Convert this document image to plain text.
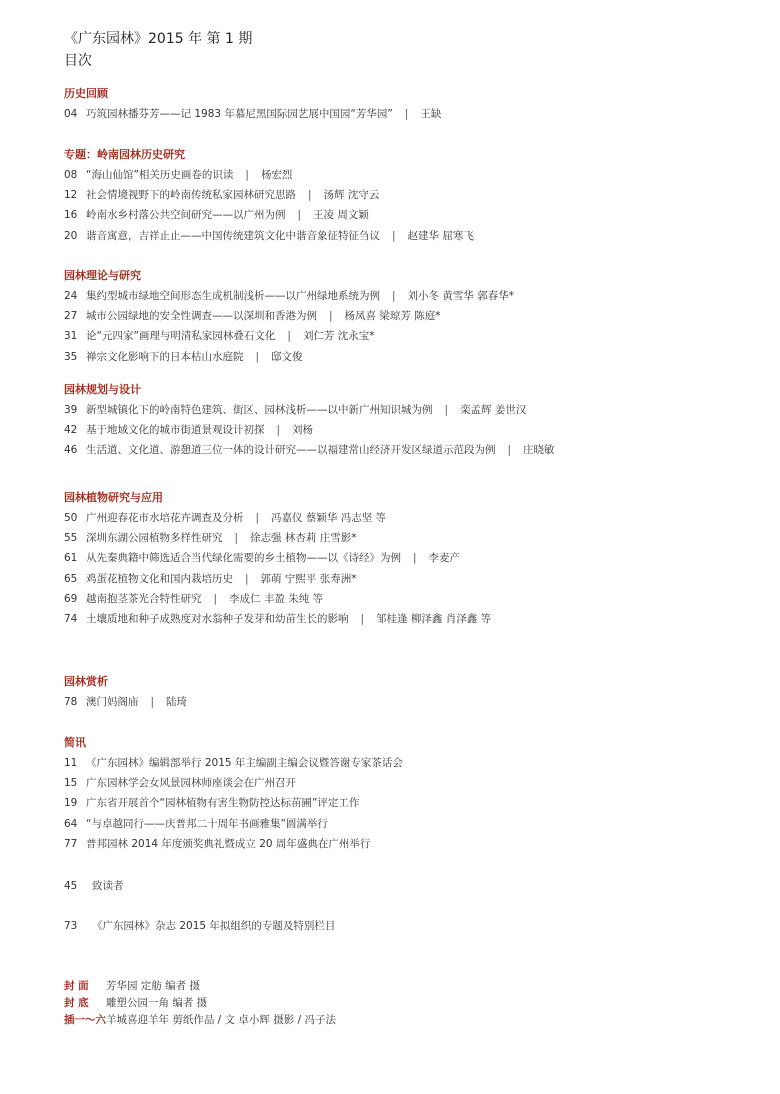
《广东园林》2015 年 第 1 期
目次
历史回顾
04 巧筑园林播芬芳——记 1983 年慕尼黑国际园艺展中国园“芳华园” | 王缺
专题：岭南园林历史研究
08 “海山仙馆”相关历史画卷的识读 | 杨宏烈
12 社会情境视野下的岭南传统私家园林研究思路 | 汤辉 沈守云
16 岭南水乡村落公共空间研究——以广州为例 | 王凌 周文颖
20 谐音寓意，吉祥止止——中国传统建筑文化中谐音象征特征刍议 | 赵建华 屈寒飞
园林理论与研究
24 集约型城市绿地空间形态生成机制浅析——以广州绿地系统为例 | 刘小冬 黄雪华 郭春华*
27 城市公园绿地的安全性调查——以深圳和香港为例 | 杨凤喜 梁琼芳 陈庭*
31 论“元四家”画理与明清私家园林叠石文化 | 刘仁芳 沈永宝*
35 禅宗文化影响下的日本枯山水庭院 | 邸文俊
园林规划与设计
39 新型城镇化下的岭南特色建筑、街区、园林浅析——以中新广州知识城为例 | 栾孟辉 姜世汉
42 基于地域文化的城市街道景观设计初探 | 刘杨
46 生活道、文化道、游憩道三位一体的设计研究——以福建常山经济开发区绿道示范段为例 | 庄晓敏
园林植物研究与应用
50 广州迎春花市水培花卉调查及分析 | 冯嘉仪 蔡颖华 冯志坚 等
55 深圳东湖公园植物多样性研究 | 徐志强 林杏莉 庄雪影*
61 从先秦典籍中筛选适合当代绿化需要的乡土植物——以《诗经》为例 | 李麦产
65 鸡蛋花植物文化和国内栽培历史 | 郭萌 宁熙平 张寿洲*
69 越南抱茎茶光合特性研究 | 李成仁 丰盈 朱纯 等
74 土壤质地和种子成熟度对水翁种子发芽和幼苗生长的影响 | 邹桂逢 柳泽鑫 肖泽鑫 等
园林赏析
78 澳门妈阁庙 | 陆琦
简讯
11 《广东园林》编辑部举行 2015 年主编副主编会议暨答谢专家茶话会
15 广东园林学会女风景园林师座谈会在广州召开
19 广东省开展首个“园林植物有害生物防控达标苗圃”评定工作
64 “与卓越同行——庆普邦二十周年书画雅集”圆满举行
77 普邦园林 2014 年度颁奖典礼暨成立 20 周年盛典在广州举行
45 致读者
73 《广东园林》杂志 2015 年拟组织的专题及特别栏目
封 面 芳华园 定舫 编者 摄
封 底 雕塑公园一角 编者 摄
插一～六羊城喜迎羊年 剪纸作品 / 文 卓小辉 摄影 / 冯子法
